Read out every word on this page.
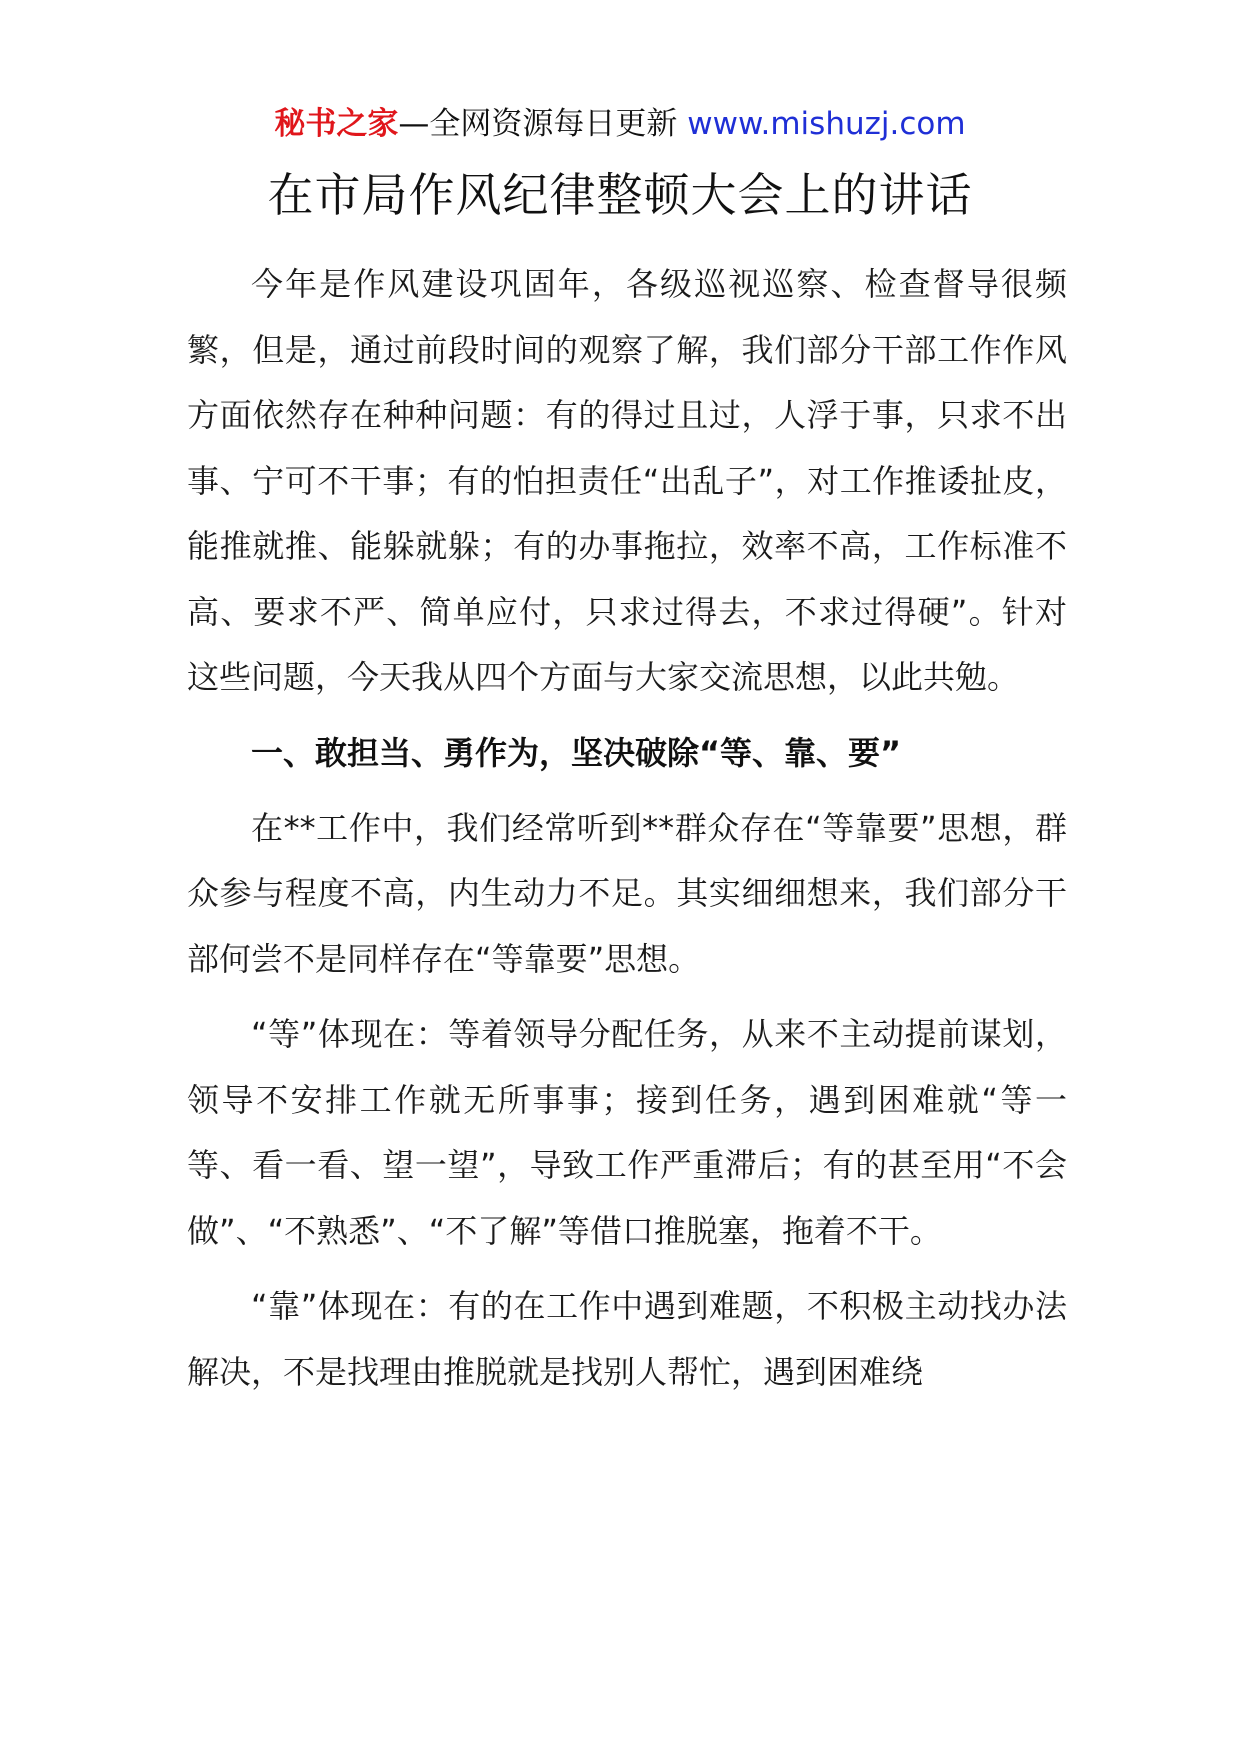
秘书之家—全网资源每日更新 www.mishuzj.com
在市局作风纪律整顿大会上的讲话

今年是作风建设巩固年，各级巡视巡察、检查督导很频繁，但是，通过前段时间的观察了解，我们部分干部工作作风方面依然存在种种问题：有的得过且过，人浮于事，只求不出事、宁可不干事；有的怕担责任“出乱子”，对工作推诿扯皮，能推就推、能躲就躲；有的办事拖拉，效率不高，工作标准不高、要求不严、简单应付，只求过得去，不求过得硬”。针对这些问题，今天我从四个方面与大家交流思想，以此共勉。

一、敢担当、勇作为，坚决破除“等、靠、要”

在**工作中，我们经常听到**群众存在“等靠要”思想，群众参与程度不高，内生动力不足。其实细细想来，我们部分干部何尝不是同样存在“等靠要”思想。

“等”体现在：等着领导分配任务，从来不主动提前谋划，领导不安排工作就无所事事；接到任务，遇到困难就“等一等、看一看、望一望”，导致工作严重滞后；有的甚至用“不会做”、“不熟悉”、“不了解”等借口推脱塞，拖着不干。

“靠”体现在：有的在工作中遇到难题，不积极主动找办法解决，不是找理由推脱就是找别人帮忙，遇到困难绕
